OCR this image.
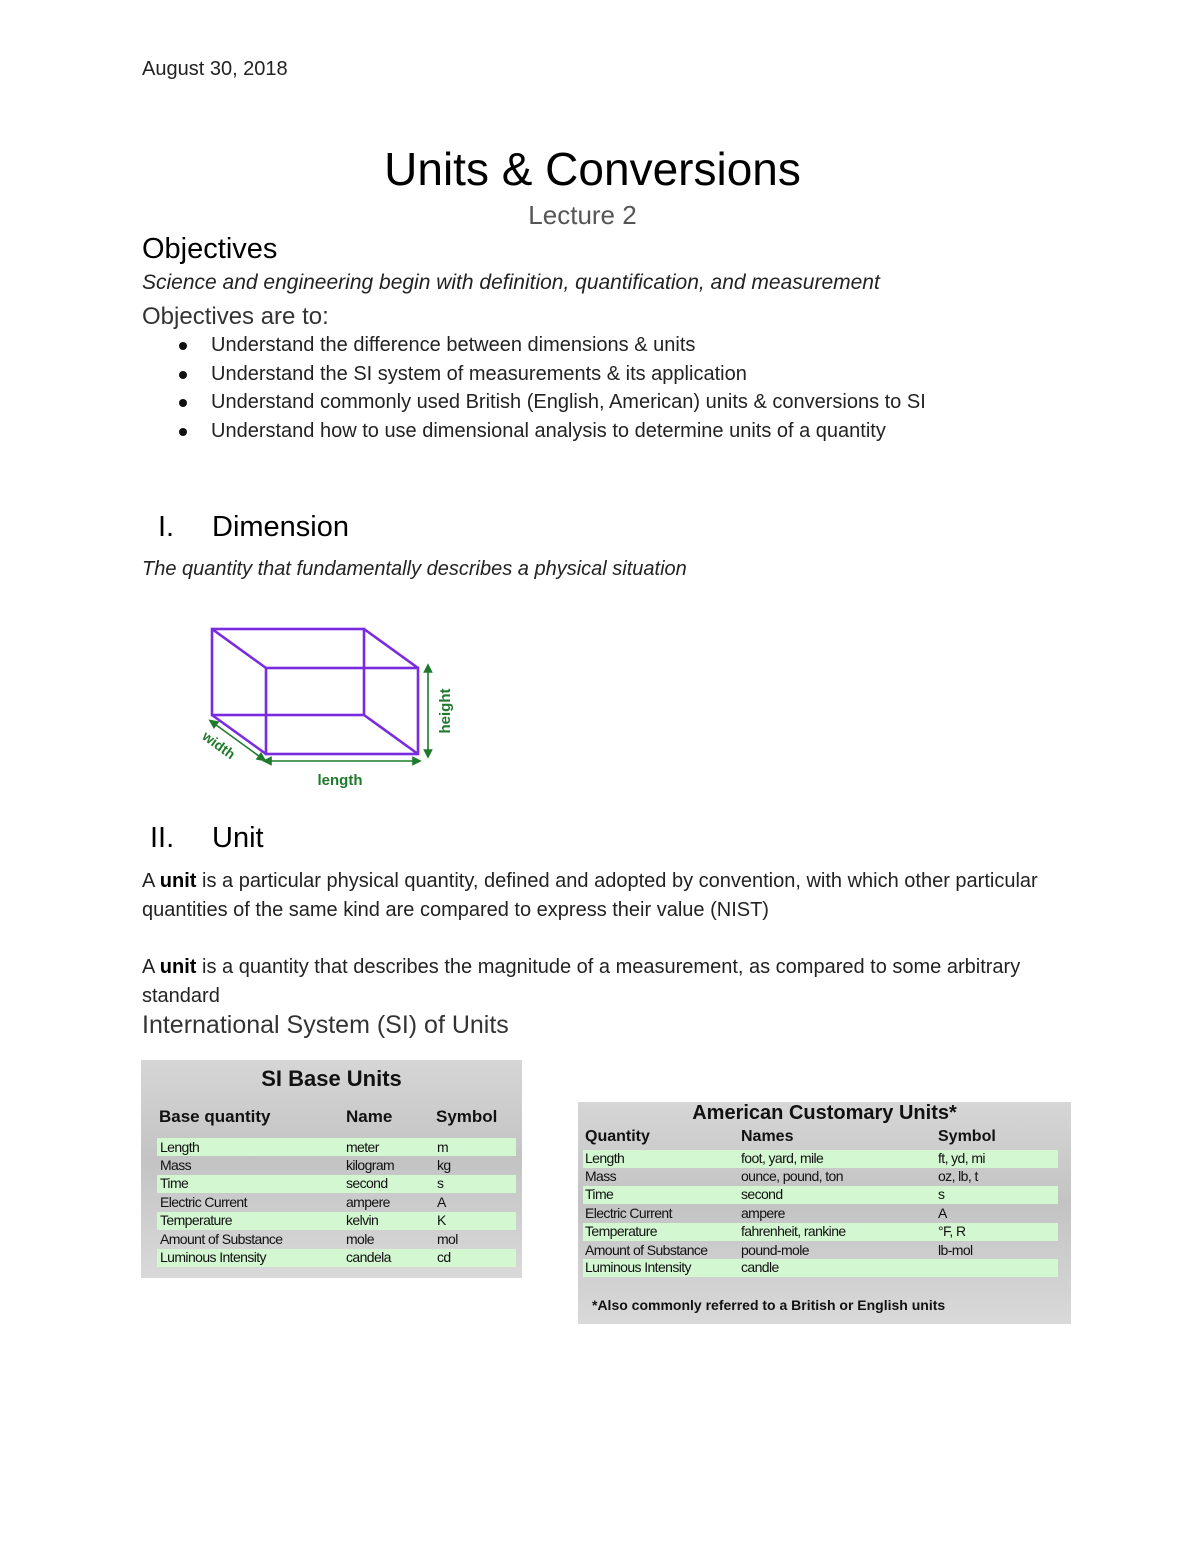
August 30, 2018
Units & Conversions
Lecture 2
Objectives
Science and engineering begin with definition, quantification, and measurement
Objectives are to:
Understand the difference between dimensions & units
Understand the SI system of measurements & its application
Understand commonly used British (English, American) units & conversions to SI
Understand how to use dimensional analysis to determine units of a quantity
I. Dimension
The quantity that fundamentally describes a physical situation
length
height
width
II. Unit
A unit is a particular physical quantity, defined and adopted by convention, with which other particular quantities of the same kind are compared to express their value (NIST)
A unit is a quantity that describes the magnitude of a measurement, as compared to some arbitrary standard
International System (SI) of Units
SI Base Units
Base quantity	Name	Symbol
Length	meter	m
Mass	kilogram	kg
Time	second	s
Electric Current	ampere	A
Temperature	kelvin	K
Amount of Substance	mole	mol
Luminous Intensity	candela	cd
American Customary Units*
Quantity	Names	Symbol
Length	foot, yard, mile	ft, yd, mi
Mass	ounce, pound, ton	oz, lb, t
Time	second	s
Electric Current	ampere	A
Temperature	fahrenheit, rankine	°F, R
Amount of Substance pound-mole	lb-mol
Luminous Intensity	candle
*Also commonly referred to a British or English units
